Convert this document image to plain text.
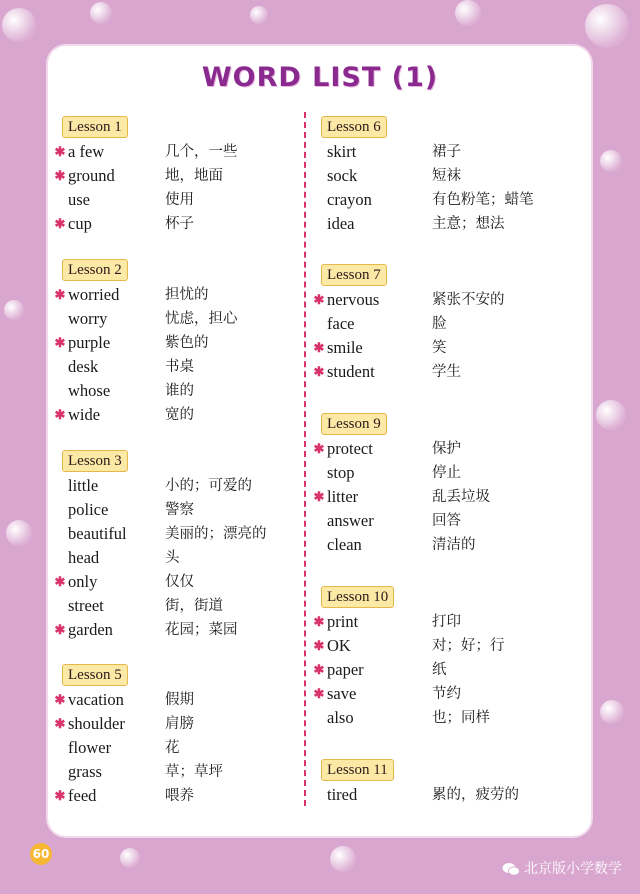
WORD LIST (1)
Lesson 1
✱ a few	几个，一些
✱ ground	地，地面
use	使用
✱ cup	杯子
Lesson 2
✱ worried	担忧的
worry	忧虑，担心
✱ purple	紫色的
desk	书桌
whose	谁的
✱ wide	宽的
Lesson 3
little	小的；可爱的
police	警察
beautiful	美丽的；漂亮的
head	头
✱ only	仅仅
street	街，街道
✱ garden	花园；菜园
Lesson 5
✱ vacation	假期
✱ shoulder	肩膀
flower	花
grass	草；草坪
✱ feed	喂养
Lesson 6
skirt	裙子
sock	短袜
crayon	有色粉笔；蜡笔
idea	主意；想法
Lesson 7
✱ nervous	紧张不安的
face	脸
✱ smile	笑
✱ student	学生
Lesson 9
✱ protect	保护
stop	停止
✱ litter	乱丢垃圾
answer	回答
clean	清洁的
Lesson 10
✱ print	打印
✱ OK	对；好；行
✱ paper	纸
✱ save	节约
also	也；同样
Lesson 11
tired	累的，疲劳的
60
北京版小学数学
